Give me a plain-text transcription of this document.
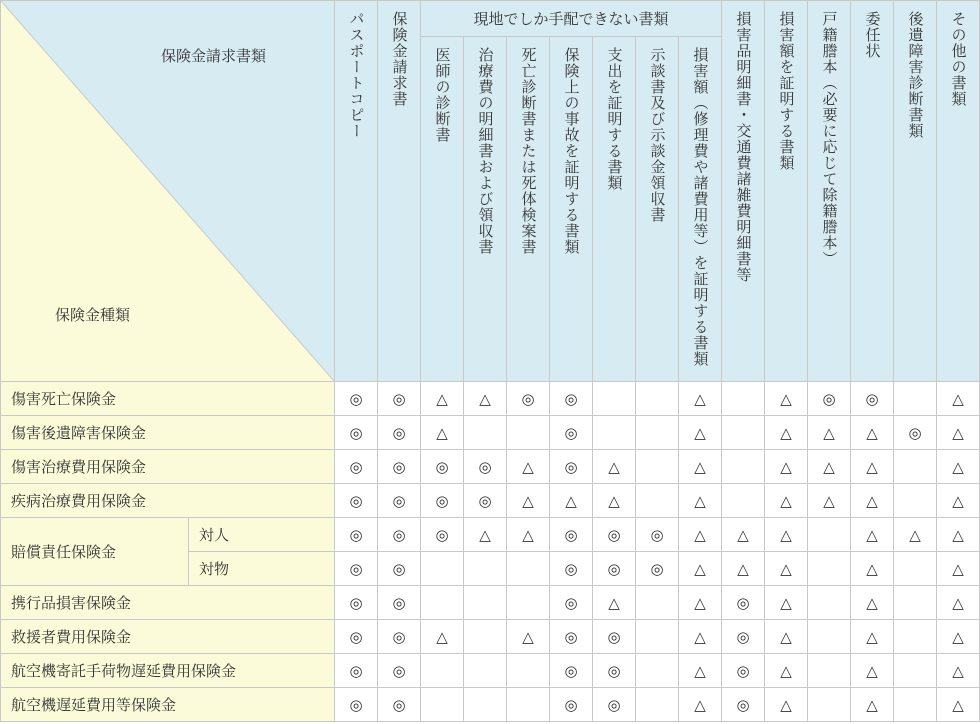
保険金請求書類
保険金種類		パスポートコピー	保険金請求書	現地でしか手配できない書類							損害品明細書・交通費諸雑費明細書等	損害額を証明する書類	戸籍謄本（必要に応じて除籍謄本）	委任状	後遺障害診断書類	その他の書類

				医師の診断書	治療費の明細書および領収書	死亡診断書または死体検案書	保険上の事故を証明する書類	支出を証明する書類	示談書及び示談金領収書	損害額（修理費や諸費用等）を証明する書類						

傷害死亡保険金		◎	◎	△	△	◎	◎			△		△	◎	◎		△
傷害後遺障害保険金		◎	◎	△			◎			△		△	△	△	◎	△
傷害治療費用保険金		◎	◎	◎	◎	△	◎	△		△		△	△	△		△
疾病治療費用保険金		◎	◎	◎	◎	△	△	△		△		△	△	△		△
賠償責任保険金	対人	◎	◎	◎	△	△	◎	◎	◎	△	△	△		△	△	△
	対物	◎	◎				◎	◎	◎	△	△	△		△		△
携行品損害保険金		◎	◎				◎	△		△	◎	△		△		△
救援者費用保険金		◎	◎	△		△	◎	◎		△	◎	△		△		△
航空機寄託手荷物遅延費用保険金		◎	◎				◎	◎		△	◎	△		△		△
航空機遅延費用等保険金		◎	◎				◎	◎		△	◎	△		△		△
